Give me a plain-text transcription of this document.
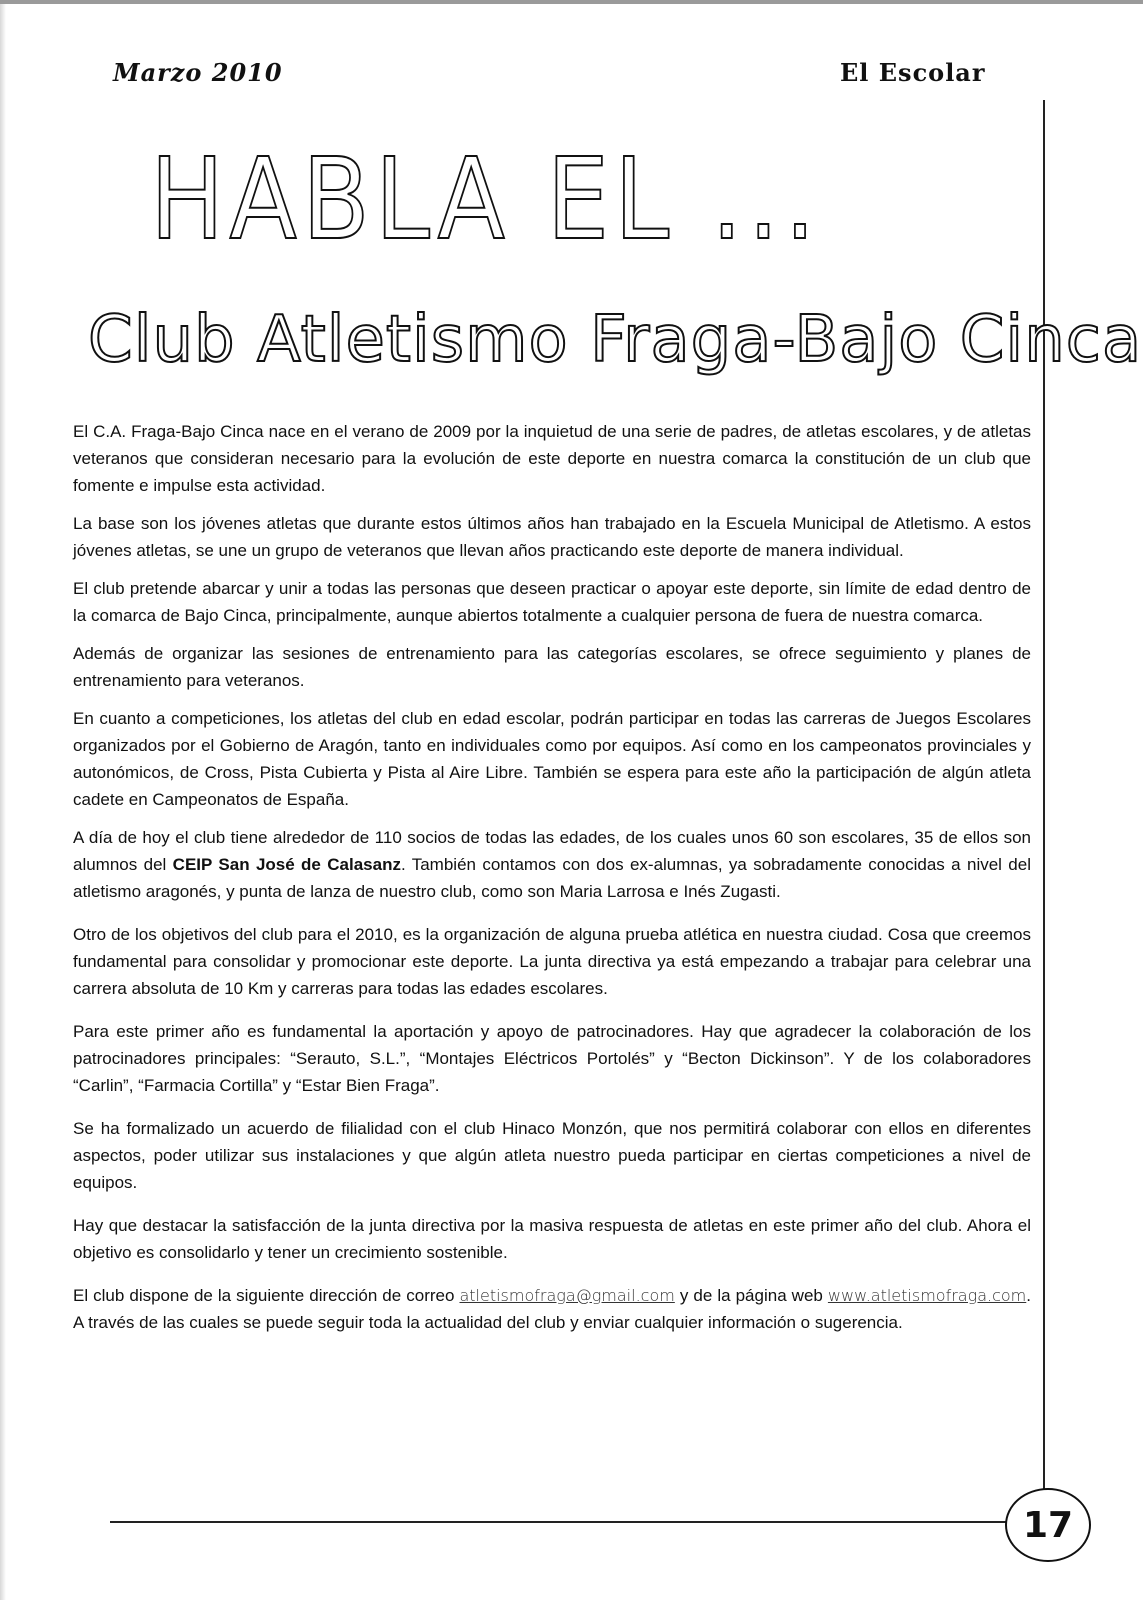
Marzo 2010	El Escolar
HABLA EL ...
Club Atletismo Fraga-Bajo Cinca

El C.A. Fraga-Bajo Cinca nace en el verano de 2009 por la inquietud de una serie de padres, de atletas escolares, y de atletas veteranos que consideran necesario para la evolución de este deporte en nuestra comarca la constitución de un club que fomente e impulse esta actividad.

La base son los jóvenes atletas que durante estos últimos años han trabajado en la Escuela Municipal de Atletismo. A estos jóvenes atletas, se une un grupo de veteranos que llevan años practicando este deporte de manera individual.

El club pretende abarcar y unir a todas las personas que deseen practicar o apoyar este deporte, sin límite de edad dentro de la comarca de Bajo Cinca, principalmente, aunque abiertos totalmente a cualquier persona de fuera de nuestra comarca.

Además de organizar las sesiones de entrenamiento para las categorías escolares, se ofrece seguimiento y planes de entrenamiento para veteranos.

En cuanto a competiciones, los atletas del club en edad escolar, podrán participar en todas las carreras de Juegos Escolares organizados por el Gobierno de Aragón, tanto en individuales como por equipos. Así como en los campeonatos provinciales y autonómicos, de Cross, Pista Cubierta y Pista al Aire Libre. También se espera para este año la participación de algún atleta cadete en Campeonatos de España.

A día de hoy el club tiene alrededor de 110 socios de todas las edades, de los cuales unos 60 son escolares, 35 de ellos son alumnos del CEIP San José de Calasanz. También contamos con dos ex-alumnas, ya sobradamente conocidas a nivel del atletismo aragonés, y punta de lanza de nuestro club, como son Maria Larrosa e Inés Zugasti.

Otro de los objetivos del club para el 2010, es la organización de alguna prueba atlética en nuestra ciudad. Cosa que creemos fundamental para consolidar y promocionar este deporte. La junta directiva ya está empezando a trabajar para celebrar una carrera absoluta de 10 Km y carreras para todas las edades escolares.

Para este primer año es fundamental la aportación y apoyo de patrocinadores. Hay que agradecer la colaboración de los patrocinadores principales: “Serauto, S.L.”, “Montajes Eléctricos Portolés” y “Becton Dickinson”. Y de los colaboradores “Carlin”, “Farmacia Cortilla” y “Estar Bien Fraga”.

Se ha formalizado un acuerdo de filialidad con el club Hinaco Monzón, que nos permitirá colaborar con ellos en diferentes aspectos, poder utilizar sus instalaciones y que algún atleta nuestro pueda participar en ciertas competiciones a nivel de equipos.

Hay que destacar la satisfacción de la junta directiva por la masiva respuesta de atletas en este primer año del club. Ahora el objetivo es consolidarlo y tener un crecimiento sostenible.

El club dispone de la siguiente dirección de correo atletismofraga@gmail.com y de la página web www.atletismofraga.com. A través de las cuales se puede seguir toda la actualidad del club y enviar cualquier información o sugerencia.

17
